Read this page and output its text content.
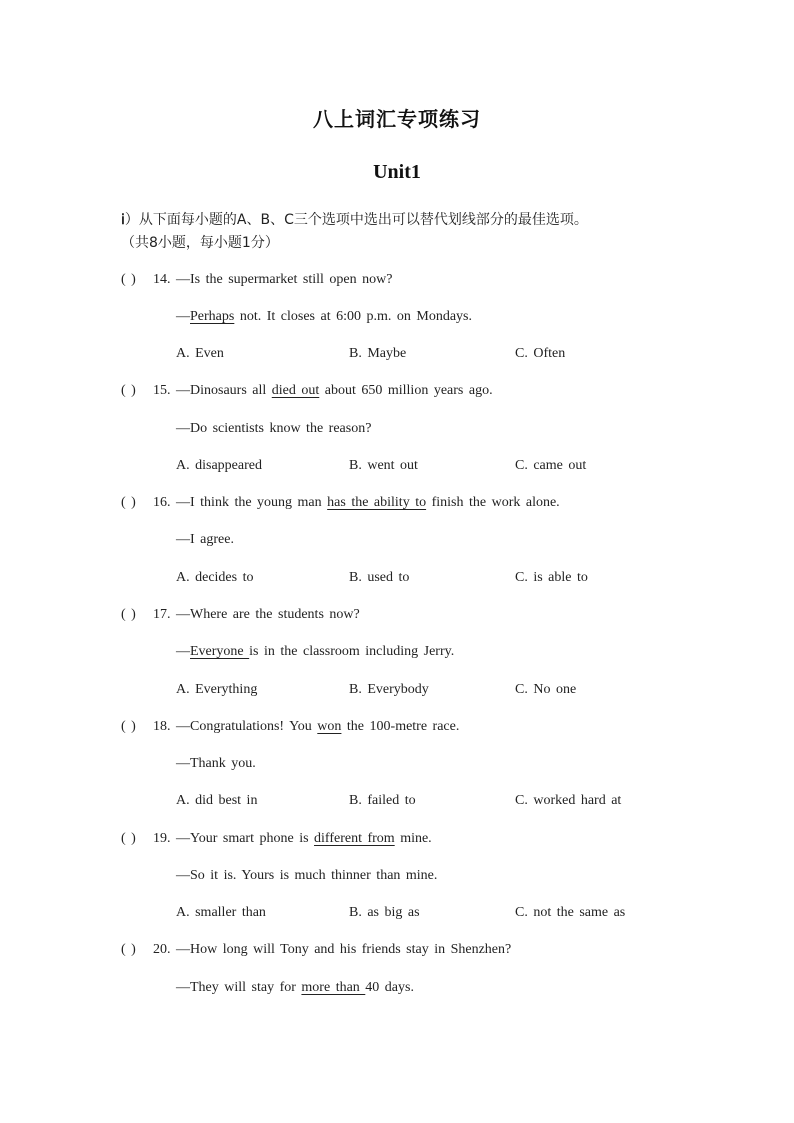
八上词汇专项练习
Unit1
ⅰ）从下面每小题的A、B、C三个选项中选出可以替代划线部分的最佳选项。
（共8小题，每小题1分）
( ) 14. —Is the supermarket still open now?
—Perhaps not. It closes at 6:00 p.m. on Mondays.
A. Even	B. Maybe	C. Often
( ) 15. —Dinosaurs all died out about 650 million years ago.
—Do scientists know the reason?
A. disappeared	B. went out	C. came out
( ) 16. —I think the young man has the ability to finish the work alone.
—I agree.
A. decides to	B. used to	C. is able to
( ) 17. —Where are the students now?
—Everyone is in the classroom including Jerry.
A. Everything	B. Everybody	C. No one
( ) 18. —Congratulations! You won the 100-metre race.
—Thank you.
A. did best in	B. failed to	C. worked hard at
( ) 19. —Your smart phone is different from mine.
—So it is. Yours is much thinner than mine.
A. smaller than	B. as big as	C. not the same as
( ) 20. —How long will Tony and his friends stay in Shenzhen?
—They will stay for more than 40 days.
